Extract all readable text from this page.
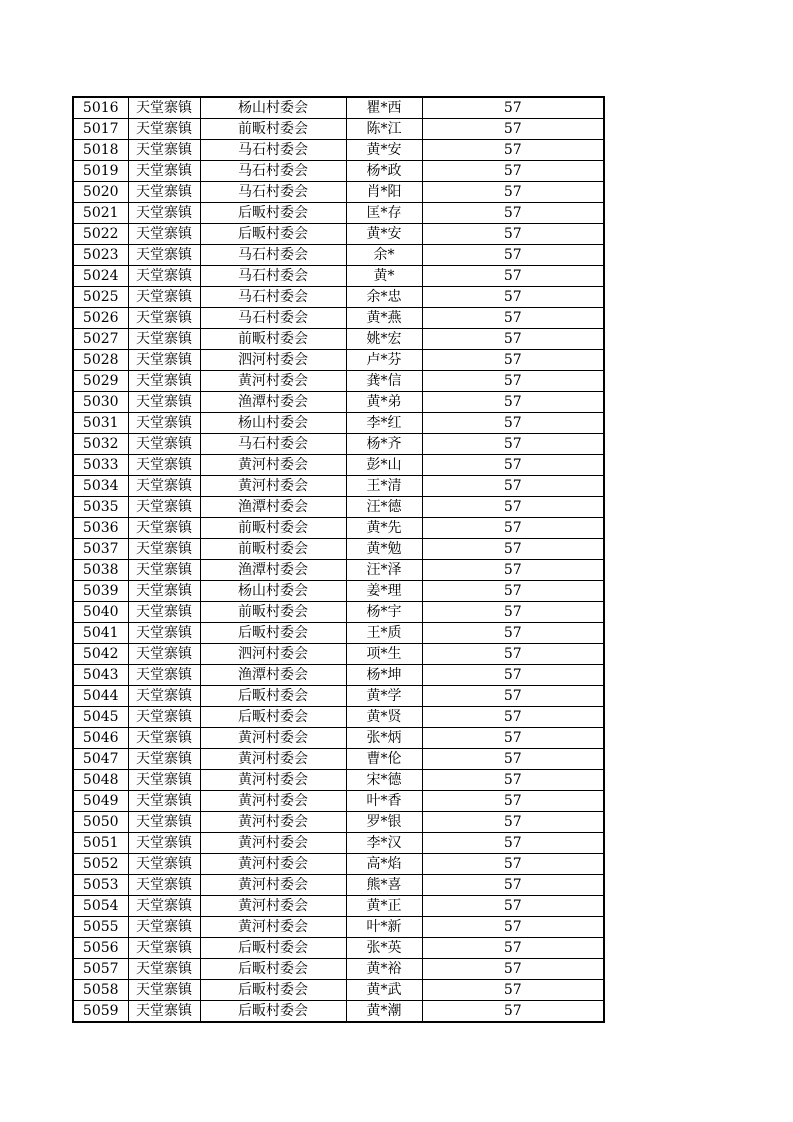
5016	天堂寨镇	杨山村委会	瞿*西	57
5017	天堂寨镇	前畈村委会	陈*江	57
5018	天堂寨镇	马石村委会	黄*安	57
5019	天堂寨镇	马石村委会	杨*政	57
5020	天堂寨镇	马石村委会	肖*阳	57
5021	天堂寨镇	后畈村委会	匡*存	57
5022	天堂寨镇	后畈村委会	黄*安	57
5023	天堂寨镇	马石村委会	余*	57
5024	天堂寨镇	马石村委会	黄*	57
5025	天堂寨镇	马石村委会	余*忠	57
5026	天堂寨镇	马石村委会	黄*燕	57
5027	天堂寨镇	前畈村委会	姚*宏	57
5028	天堂寨镇	泗河村委会	卢*芬	57
5029	天堂寨镇	黄河村委会	龚*信	57
5030	天堂寨镇	渔潭村委会	黄*弟	57
5031	天堂寨镇	杨山村委会	李*红	57
5032	天堂寨镇	马石村委会	杨*齐	57
5033	天堂寨镇	黄河村委会	彭*山	57
5034	天堂寨镇	黄河村委会	王*清	57
5035	天堂寨镇	渔潭村委会	汪*德	57
5036	天堂寨镇	前畈村委会	黄*先	57
5037	天堂寨镇	前畈村委会	黄*勉	57
5038	天堂寨镇	渔潭村委会	汪*泽	57
5039	天堂寨镇	杨山村委会	姜*理	57
5040	天堂寨镇	前畈村委会	杨*宇	57
5041	天堂寨镇	后畈村委会	王*质	57
5042	天堂寨镇	泗河村委会	项*生	57
5043	天堂寨镇	渔潭村委会	杨*坤	57
5044	天堂寨镇	后畈村委会	黄*学	57
5045	天堂寨镇	后畈村委会	黄*贤	57
5046	天堂寨镇	黄河村委会	张*炳	57
5047	天堂寨镇	黄河村委会	曹*伦	57
5048	天堂寨镇	黄河村委会	宋*德	57
5049	天堂寨镇	黄河村委会	叶*香	57
5050	天堂寨镇	黄河村委会	罗*银	57
5051	天堂寨镇	黄河村委会	李*汉	57
5052	天堂寨镇	黄河村委会	高*焰	57
5053	天堂寨镇	黄河村委会	熊*喜	57
5054	天堂寨镇	黄河村委会	黄*正	57
5055	天堂寨镇	黄河村委会	叶*新	57
5056	天堂寨镇	后畈村委会	张*英	57
5057	天堂寨镇	后畈村委会	黄*裕	57
5058	天堂寨镇	后畈村委会	黄*武	57
5059	天堂寨镇	后畈村委会	黄*潮	57
